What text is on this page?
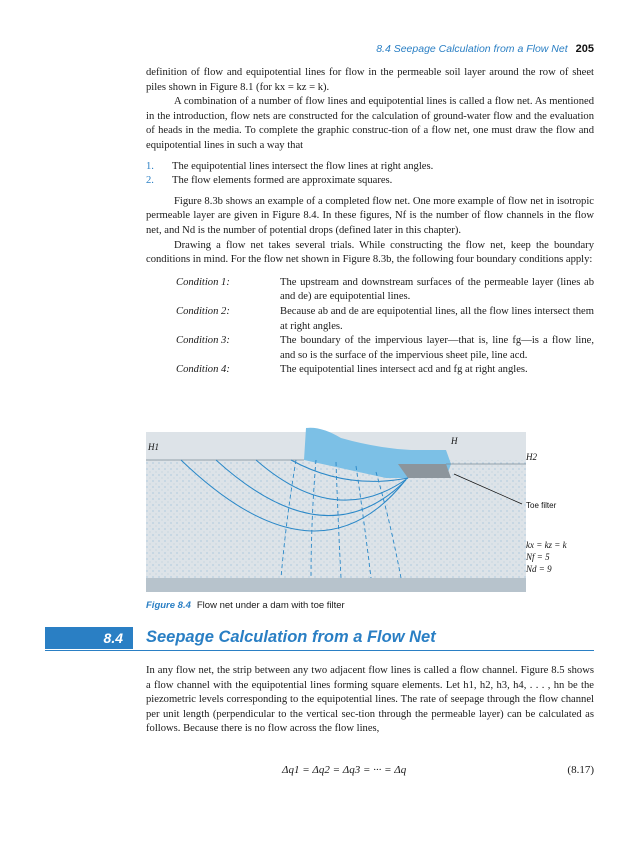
8.4 Seepage Calculation from a Flow Net 205

definition of flow and equipotential lines for flow in the permeable soil layer around the row of sheet piles shown in Figure 8.1 (for kx = kz = k).

A combination of a number of flow lines and equipotential lines is called a flow net. As mentioned in the introduction, flow nets are constructed for the calculation of ground-water flow and the evaluation of heads in the media. To complete the graphic construc-tion of a flow net, one must draw the flow and equipotential lines in such a way that

1. The equipotential lines intersect the flow lines at right angles.
2. The flow elements formed are approximate squares.

Figure 8.3b shows an example of a completed flow net. One more example of flow net in isotropic permeable layer are given in Figure 8.4. In these figures, Nf is the number of flow channels in the flow net, and Nd is the number of potential drops (defined later in this chapter).

Drawing a flow net takes several trials. While constructing the flow net, keep the boundary conditions in mind. For the flow net shown in Figure 8.3b, the following four boundary conditions apply:

Condition 1:	The upstream and downstream surfaces of the permeable layer (lines ab and de) are equipotential lines.
Condition 2:	Because ab and de are equipotential lines, all the flow lines intersect them at right angles.
Condition 3:	The boundary of the impervious layer—that is, line fg—is a flow line, and so is the surface of the impervious sheet pile, line acd.
Condition 4:	The equipotential lines intersect acd and fg at right angles.
H1
H
H2
kx = kz = k
Nf = 5
Nd = 9
Toe filter
Figure 8.4 Flow net under a dam with toe filter
8.4	Seepage Calculation from a Flow Net

In any flow net, the strip between any two adjacent flow lines is called a flow channel. Figure 8.5 shows a flow channel with the equipotential lines forming square elements. Let h1, h2, h3, h4, . . . , hn be the piezometric levels corresponding to the equipotential lines. The rate of seepage through the flow channel per unit length (perpendicular to the vertical sec-tion through the permeable layer) can be calculated as follows. Because there is no flow across the flow lines,

Δq1 = Δq2 = Δq3 = ··· = Δq	(8.17)
